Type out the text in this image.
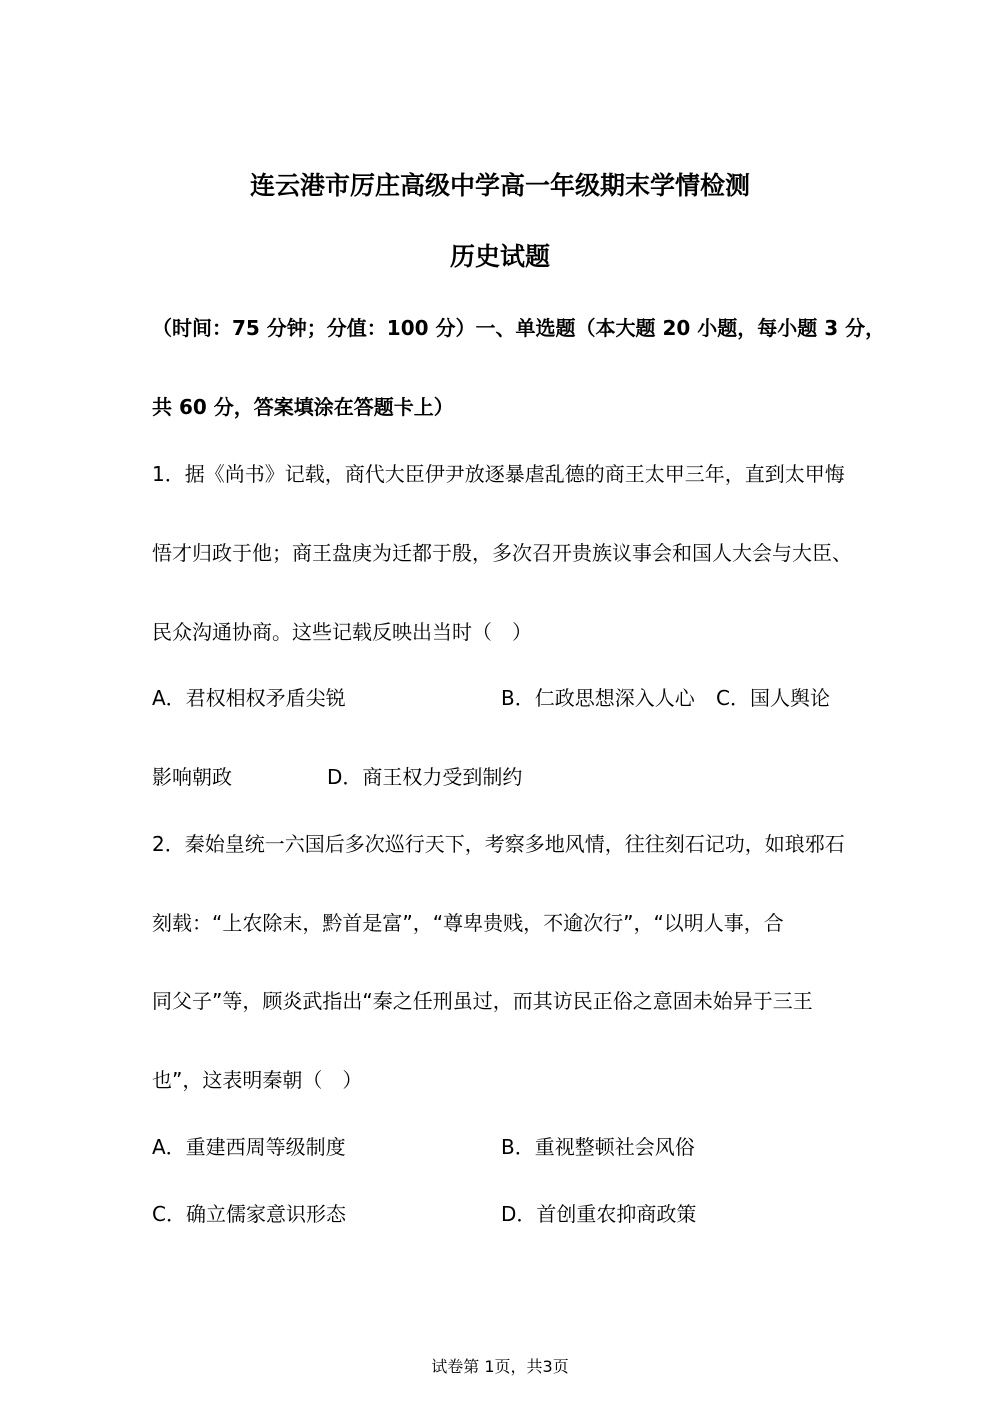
连云港市厉庄高级中学高一年级期末学情检测
历史试题
（时间：75 分钟；分值：100 分）一、单选题（本大题 20 小题，每小题 3 分，
共 60 分，答案填涂在答题卡上）
1．据《尚书》记载，商代大臣伊尹放逐暴虐乱德的商王太甲三年，直到太甲悔
悟才归政于他；商王盘庚为迁都于殷，多次召开贵族议事会和国人大会与大臣、
民众沟通协商。这些记载反映出当时（　）
A．君权相权矛盾尖锐	B．仁政思想深入人心 C．国人舆论
影响朝政	D．商王权力受到制约
2．秦始皇统一六国后多次巡行天下，考察多地风情，往往刻石记功，如琅邪石
刻载：“上农除末，黔首是富”，“尊卑贵贱，不逾次行”，“以明人事，合
同父子”等，顾炎武指出“秦之任刑虽过，而其访民正俗之意固未始异于三王
也”，这表明秦朝（　）
A．重建西周等级制度	B．重视整顿社会风俗
C．确立儒家意识形态	D．首创重农抑商政策
试卷第 1页，共3页
